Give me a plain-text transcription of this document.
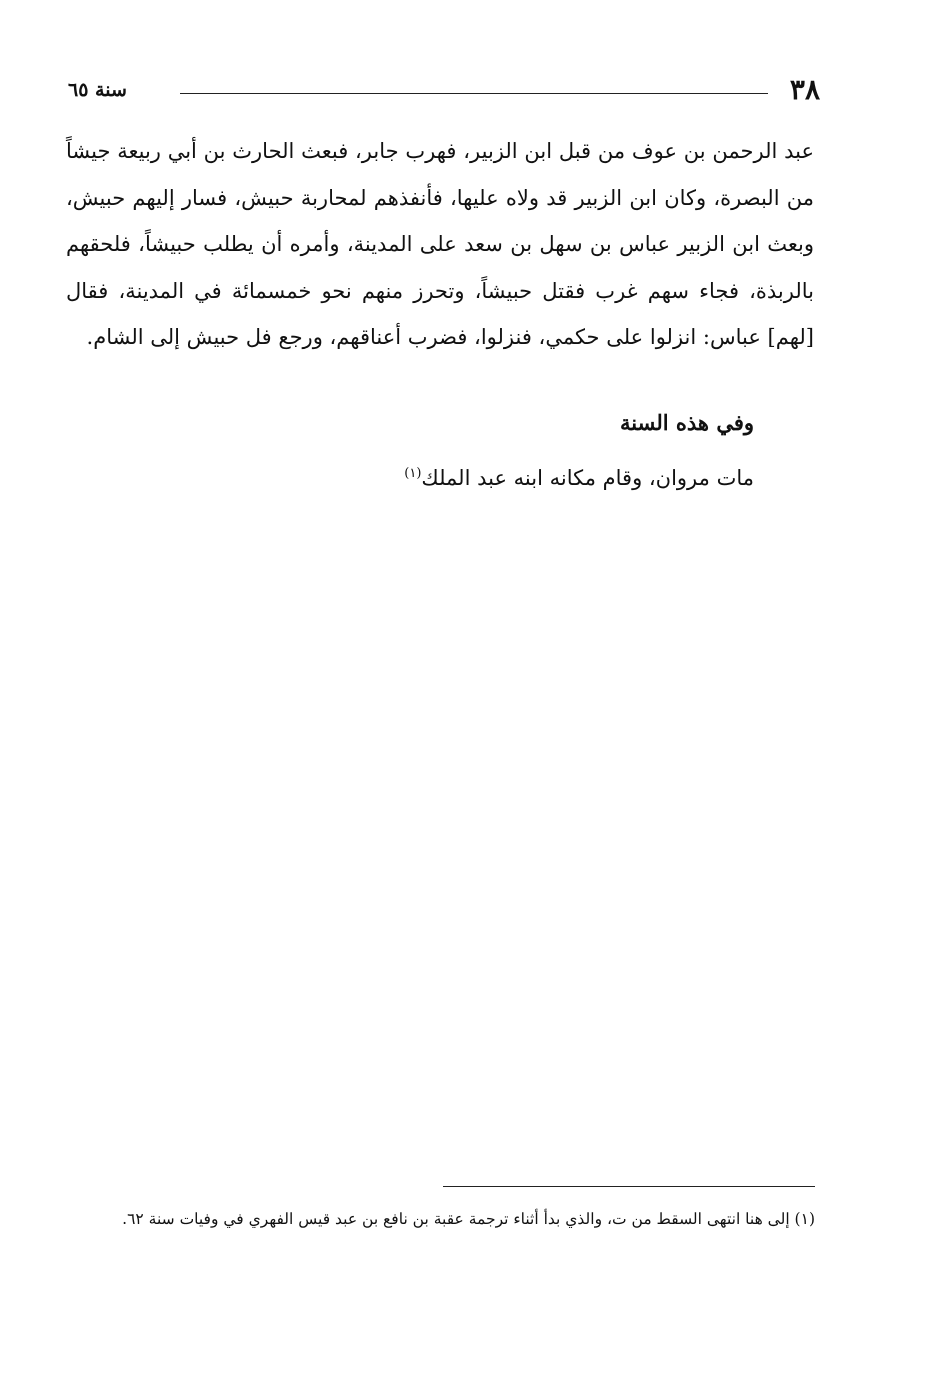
٣٨
سنة ٦٥

عبد الرحمن بن عوف من قبل ابن الزبير، فهرب جابر، فبعث الحارث بن أبي ربيعة جيشاً من البصرة، وكان ابن الزبير قد ولاه عليها، فأنفذهم لمحاربة حبيش، فسار إليهم حبيش، وبعث ابن الزبير عباس بن سهل بن سعد على المدينة، وأمره أن يطلب حبيشاً، فلحقهم بالربذة، فجاء سهم غرب فقتل حبيشاً، وتحرز منهم نحو خمسمائة في المدينة، فقال [لهم] عباس: انزلوا على حكمي، فنزلوا، فضرب أعناقهم، ورجع فل حبيش إلى الشام.

وفي هذه السنة
مات مروان، وقام مكانه ابنه عبد الملك$^{(١)}$

(١) إلى هنا انتهى السقط من ت، والذي بدأ أثناء ترجمة عقبة بن نافع بن عبد قيس الفهري في وفيات سنة ٦٢.
